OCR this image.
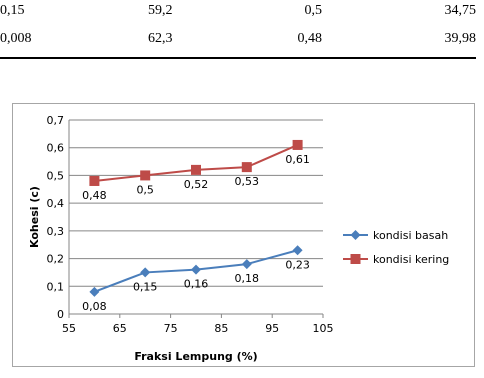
0,15	59,2	0,5	34,75
0,008	62,3	0,48	39,98
0
0,1
0,2
0,3
0,4
0,5
0,6
0,7
55	65	75	85	95	105
Fraksi Lempung (%)
Kohesi (c)
0,08
0,15 0,16 0,18
0,23
0,48	0,5	0,52 0,53
0,61
kondisi basah
kondisi kering
